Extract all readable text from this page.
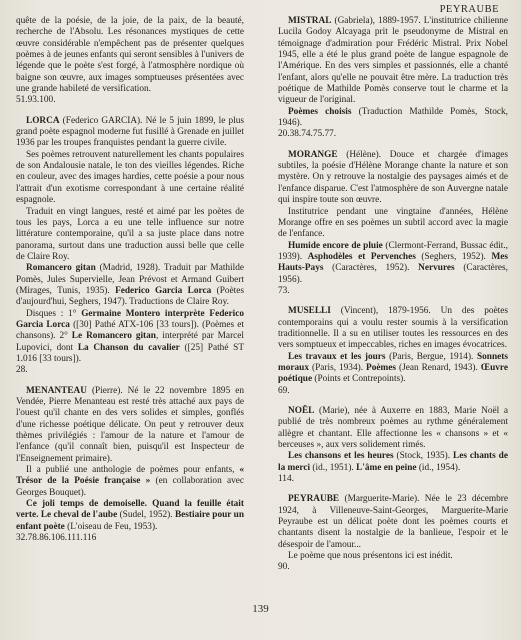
PEYRAUBE

quête de la poésie, de la joie, de la paix, de la beauté, recherche de l'Absolu. Les résonances mystiques de cette œuvre considérable n'empêchent pas de présenter quelques poèmes à de jeunes enfants qui seront sensibles à l'univers de légende que le poète s'est forgé, à l'atmosphère nordique où baigne son œuvre, aux images somptueuses présentées avec une grande habileté de versification.

51.93.100.

LORCA (Federico GARCIA). Né le 5 juin 1899, le plus grand poète espagnol moderne fut fusillé à Grenade en juillet 1936 par les troupes franquistes pendant la guerre civile.

Ses poèmes retrouvent naturellement les chants populaires de son Andalousie natale, le ton des vieilles légendes. Riche en couleur, avec des images hardies, cette poésie a pour nous l'attrait d'un exotisme correspondant à une certaine réalité espagnole.

Traduit en vingt langues, resté et aimé par les poètes de tous les pays, Lorca a eu une telle influence sur notre littérature contemporaine, qu'il a sa juste place dans notre panorama, surtout dans une traduction aussi belle que celle de Claire Roy.

Romancero gitan (Madrid, 1928). Traduit par Mathilde Pomès, Jules Supervielle, Jean Prévost et Armand Guibert (Mirages, Tunis, 1935). Federico Garcia Lorca (Poètes d'aujourd'hui, Seghers, 1947). Traductions de Claire Roy.

Disques : 1° Germaine Montero interprète Federico Garcia Lorca ([30] Pathé ATX-106 [33 tours]). (Poèmes et chansons). 2° Le Romancero gitan, interprété par Marcel Lupovici, dont La Chanson du cavalier ([25] Pathé ST 1.016 [33 tours]).

28.

MENANTEAU (Pierre). Né le 22 novembre 1895 en Vendée, Pierre Menanteau est resté très attaché aux pays de l'ouest qu'il chante en des vers solides et simples, gonflés d'une richesse poétique délicate. On peut y retrouver deux thèmes privilégiés : l'amour de la nature et l'amour de l'enfance (qu'il connaît bien, puisqu'il est Inspecteur de l'Enseignement primaire).

Il a publié une anthologie de poèmes pour enfants, « Trésor de la Poésie française » (en collaboration avec Georges Bouquet).

Ce joli temps de demoiselle. Quand la feuille était verte. Le cheval de l'aube (Sudel, 1952). Bestiaire pour un enfant poète (L'oiseau de Feu, 1953).

32.78.86.106.111.116

MISTRAL (Gabriela), 1889-1957. L'institutrice chilienne Lucila Godoy Alcayaga prit le pseudonyme de Mistral en témoignage d'admiration pour Frédéric Mistral. Prix Nobel 1945, elle a été le plus grand poète de langue espagnole de l'Amérique. En des vers simples et passionnés, elle a chanté l'enfant, alors qu'elle ne pouvait être mère. La traduction très poétique de Mathilde Pomès conserve tout le charme et la vigueur de l'original.

Poèmes choisis (Traduction Mathilde Pomès, Stock, 1946).

20.38.74.75.77.

MORANGE (Hélène). Douce et chargée d'images subtiles, la poésie d'Hélène Morange chante la nature et son mystère. On y retrouve la nostalgie des paysages aimés et de l'enfance disparue. C'est l'atmosphère de son Auvergne natale qui inspire toute son œuvre.

Institutrice pendant une vingtaine d'années, Hélène Morange offre en ses poèmes un subtil accord avec la magie de l'enfance.

Humide encore de pluie (Clermont-Ferrand, Bussac édit., 1939). Asphodèles et Pervenches (Seghers, 1952). Mes Hauts-Pays (Caractères, 1952). Nervures (Caractères, 1956).

73.

MUSELLI (Vincent), 1879-1956. Un des poètes contemporains qui a voulu rester soumis à la versification traditionnelle. Il a su en utiliser toutes les ressources en des vers somptueux et impeccables, riches en images évocatrices.

Les travaux et les jours (Paris, Bergue, 1914). Sonnets moraux (Paris, 1934). Poèmes (Jean Renard, 1943). Œuvre poétique (Points et Contrepoints).

69.

NOËL (Marie), née à Auxerre en 1883, Marie Noël a publié de très nombreux poèmes au rythme généralement allègre et chantant. Elle affectionne les « chansons » et « berceuses », aux vers solidement rimés.

Les chansons et les heures (Stock, 1935). Les chants de la merci (id., 1951). L'âme en peine (id., 1954).

114.

PEYRAUBE (Marguerite-Marie). Née le 23 décembre 1924, à Villeneuve-Saint-Georges, Marguerite-Marie Peyraube est un délicat poète dont les poèmes courts et chantants disent la nostalgie de la banlieue, l'espoir et le désespoir de l'amour...

Le poème que nous présentons ici est inédit.

90.

139
